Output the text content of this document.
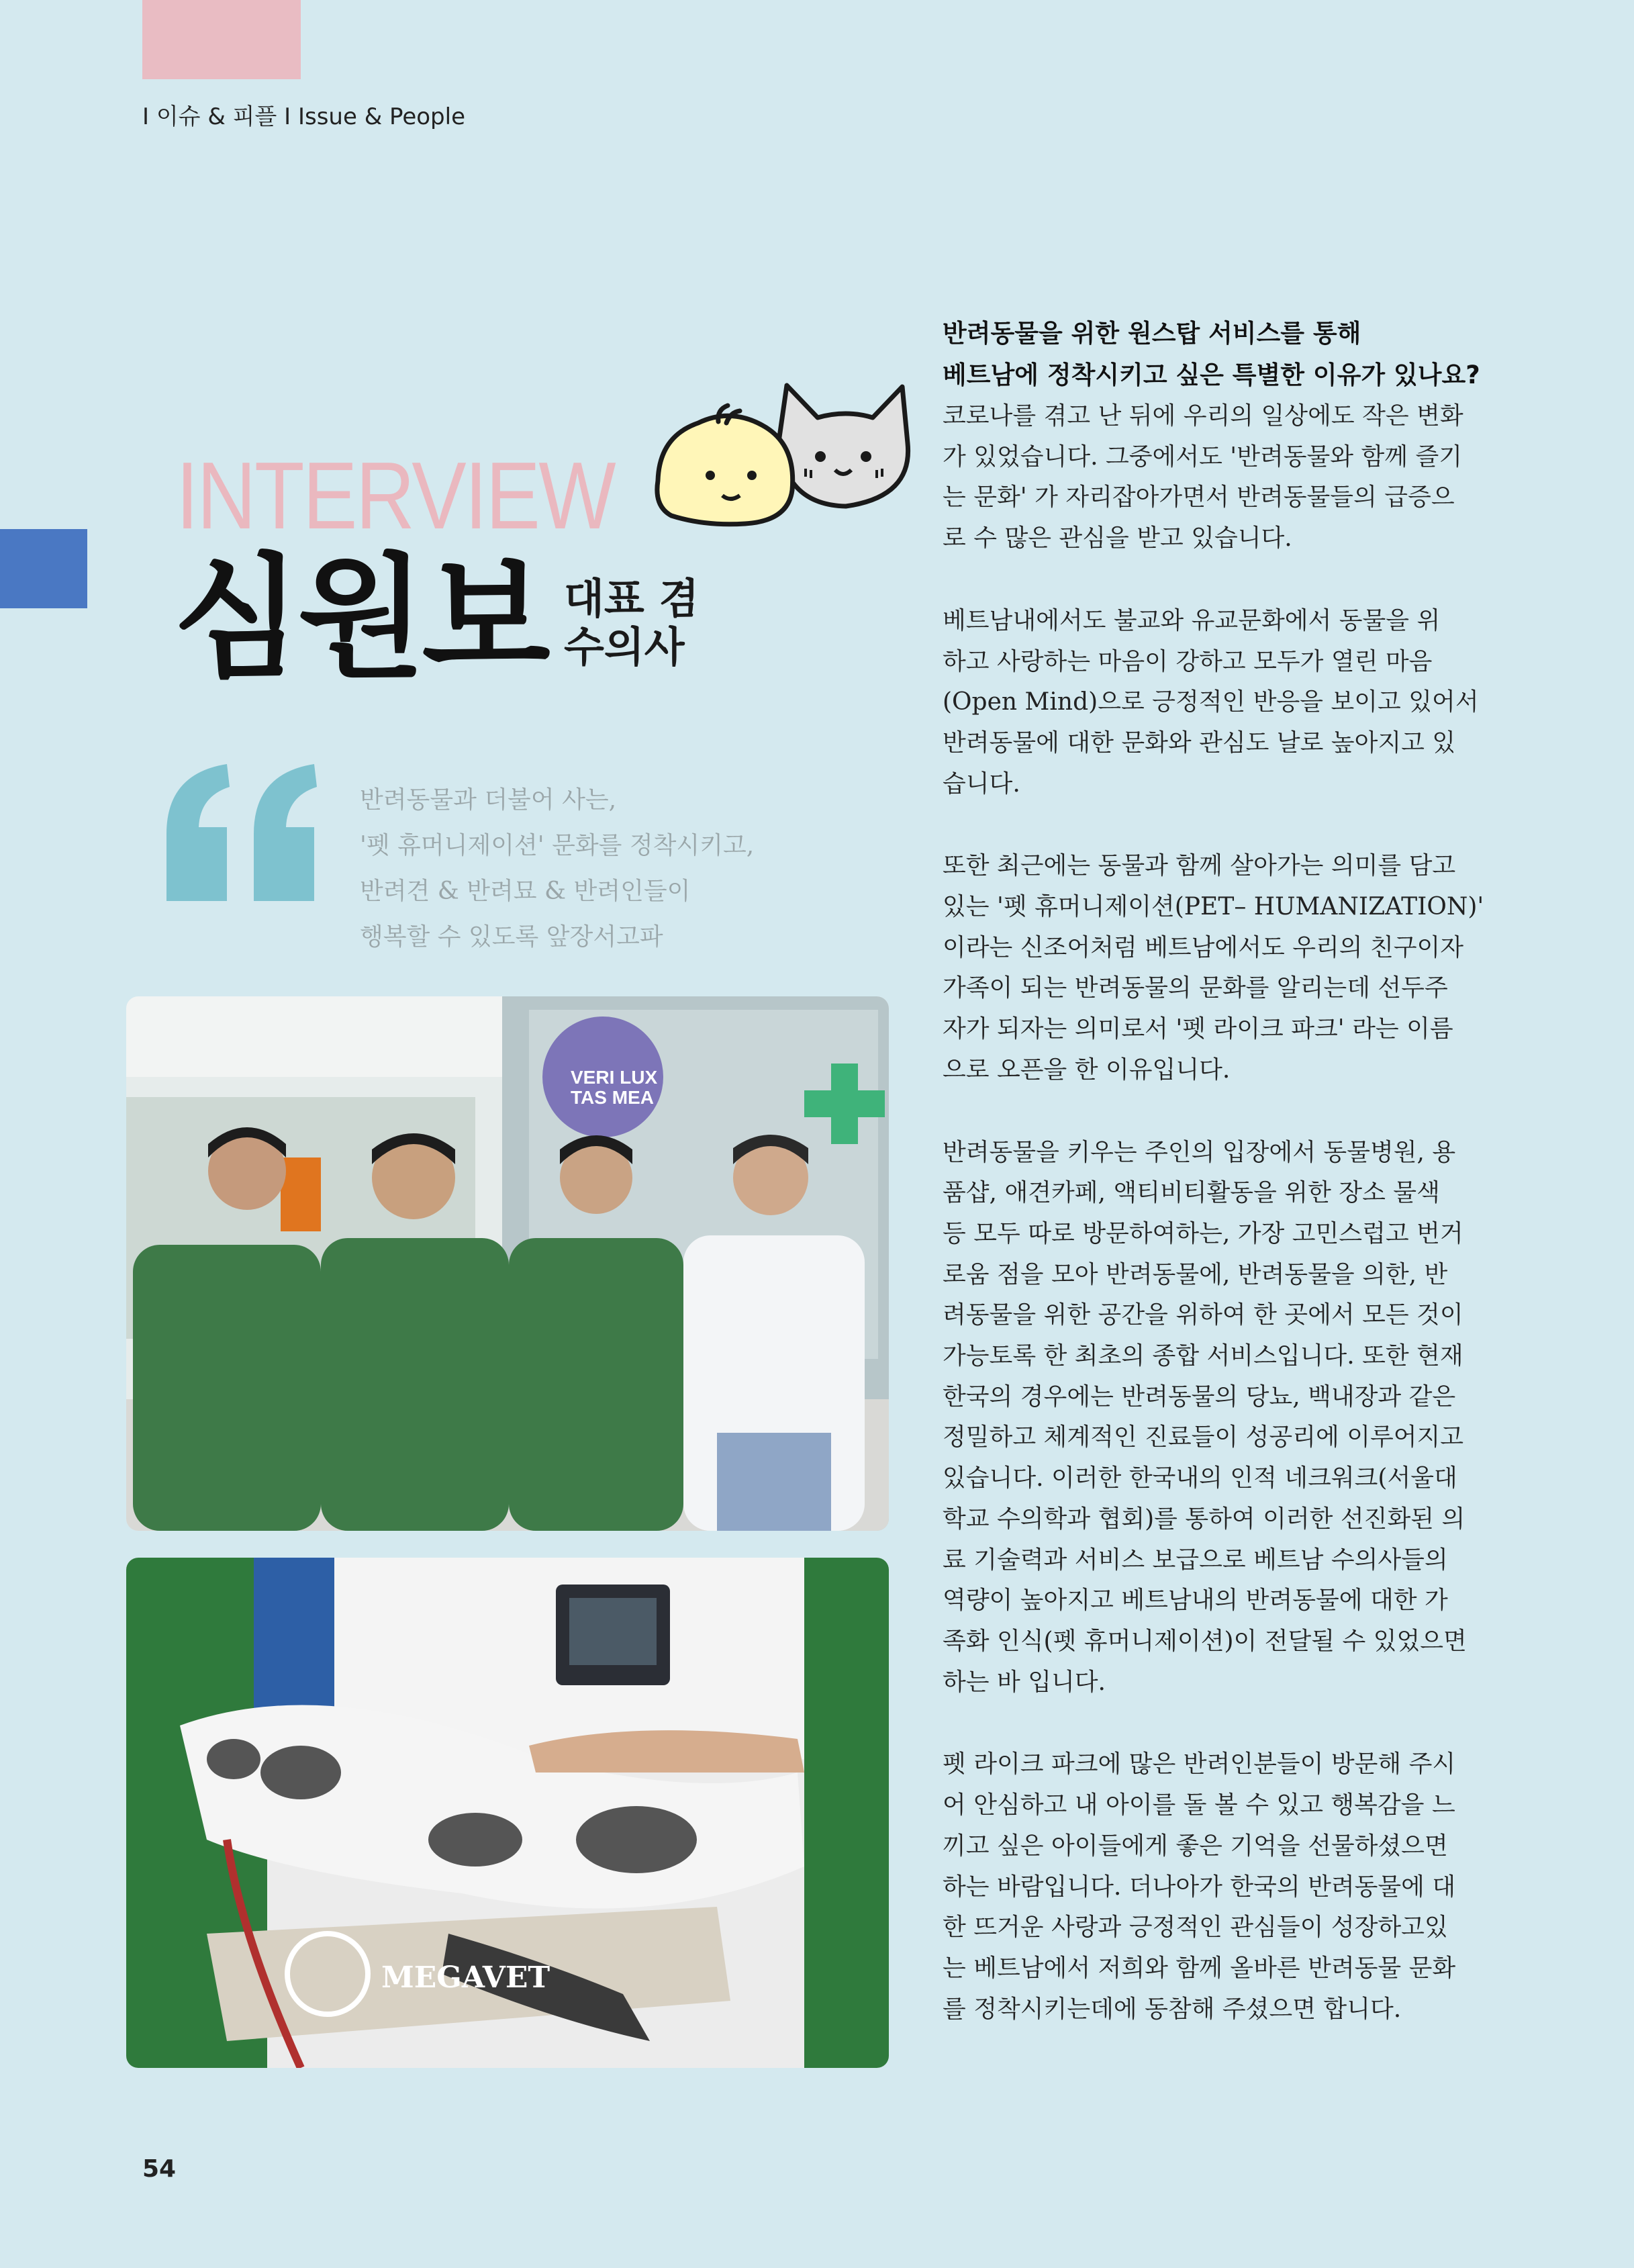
I 이슈 & 피플 I Issue & People
INTERVIEW
심원보 대표 겸
수의사
반려동물과 더불어 사는,
'펫 휴머니제이션' 문화를 정착시키고,
반려견 & 반려묘 & 반려인들이
행복할 수 있도록 앞장서고파
VERI LUX
TAS MEA
MEGAVET
반려동물을 위한 원스탑 서비스를 통해
베트남에 정착시키고 싶은 특별한 이유가 있나요?
코로나를 겪고 난 뒤에 우리의 일상에도 작은 변화
가 있었습니다. 그중에서도 '반려동물와 함께 즐기
는 문화' 가 자리잡아가면서 반려동물들의 급증으
로 수 많은 관심을 받고 있습니다.
베트남내에서도 불교와 유교문화에서 동물을 위
하고 사랑하는 마음이 강하고 모두가 열린 마음
(Open Mind)으로 긍정적인 반응을 보이고 있어서
반려동물에 대한 문화와 관심도 날로 높아지고 있
습니다.
또한 최근에는 동물과 함께 살아가는 의미를 담고
있는 '펫 휴머니제이션(PET– HUMANIZATION)'
이라는 신조어처럼 베트남에서도 우리의 친구이자
가족이 되는 반려동물의 문화를 알리는데 선두주
자가 되자는 의미로서 '펫 라이크 파크' 라는 이름
으로 오픈을 한 이유입니다.
반려동물을 키우는 주인의 입장에서 동물병원, 용
품샵, 애견카페, 액티비티활동을 위한 장소 물색
등 모두 따로 방문하여하는, 가장 고민스럽고 번거
로움 점을 모아 반려동물에, 반려동물을 의한, 반
려동물을 위한 공간을 위하여 한 곳에서 모든 것이
가능토록 한 최초의 종합 서비스입니다. 또한 현재
한국의 경우에는 반려동물의 당뇨, 백내장과 같은
정밀하고 체계적인 진료들이 성공리에 이루어지고
있습니다. 이러한 한국내의 인적 네크워크(서울대
학교 수의학과 협회)를 통하여 이러한 선진화된 의
료 기술력과 서비스 보급으로 베트남 수의사들의
역량이 높아지고 베트남내의 반려동물에 대한 가
족화 인식(펫 휴머니제이션)이 전달될 수 있었으면
하는 바 입니다.
펫 라이크 파크에 많은 반려인분들이 방문해 주시
어 안심하고 내 아이를 돌 볼 수 있고 행복감을 느
끼고 싶은 아이들에게 좋은 기억을 선물하셨으면
하는 바람입니다. 더나아가 한국의 반려동물에 대
한 뜨거운 사랑과 긍정적인 관심들이 성장하고있
는 베트남에서 저희와 함께 올바른 반려동물 문화
를 정착시키는데에 동참해 주셨으면 합니다.
54
